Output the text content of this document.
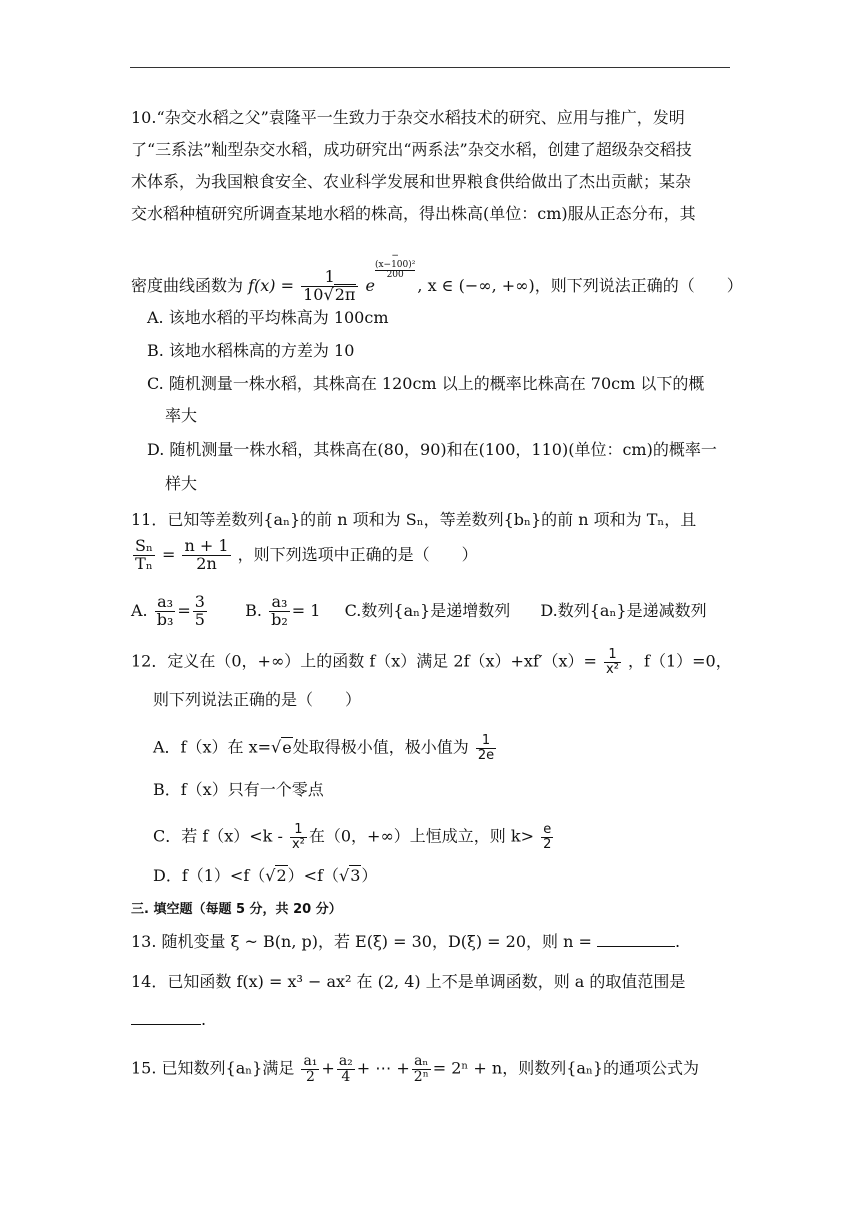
10.“杂交水稻之父”袁隆平一生致力于杂交水稻技术的研究、应用与推广，发明
了“三系法”籼型杂交水稻，成功研究出“两系法”杂交水稻，创建了超级杂交稻技
术体系，为我国粮食安全、农业科学发展和世界粮食供给做出了杰出贡献；某杂
交水稻种植研究所调查某地水稻的株高，得出株高(单位：cm)服从正态分布，其
密度曲线函数为 $f(x) = \frac{1}{10√2\pi}$ e
−
(x−100)²
200
, x ∈ (−∞, +∞)，则下列说法正确的（　　）
A. 该地水稻的平均株高为 100cm
B. 该地水稻株高的方差为 10
C. 随机测量一株水稻，其株高在 120cm 以上的概率比株高在 70cm 以下的概
率大
D. 随机测量一株水稻，其株高在(80，90)和在(100，110)(单位：cm)的概率一
样大
11．已知等差数列{aₙ}的前 n 项和为 Sₙ，等差数列{bₙ}的前 n 项和为 Tₙ，且
$\frac{\text{Sₙ}}{\text{Tₙ}} = \frac{n + 1}{2n}$ ，则下列选项中正确的是（　　）
A. $\frac{\text{a₃}}{\text{b₃}} = \frac{3}{5} B$. $\frac{\text{a₃}}{\text{b₂}} = 1$ C.数列{aₙ}是递增数列 D.数列{aₙ}是递减数列
12．定义在（0，+∞）上的函数 f（x）满足 $2f(x)+xf'(x)= \frac{1}{\text{x²}}$ ，f（1）=0，
则下列说法正确的是（　　）
A．f（x）在 x=√e处取得极小值，极小值为 $\frac{1}{2e}$
B．f（x）只有一个零点
C．若 $f(x)<k - \frac{1}{\text{x²}}$ 在（0，+∞）上恒成立，则 $k> \frac{e}{2}$
D．f（1）<f（√2）<f（√3）
三. 填空题（每题 5 分，共 20 分）
13. 随机变量 ξ ~ B(n, p)，若 E(ξ) = 30，D(ξ) = 20，则 n =	.
14．已知函数 f(x) = x³ − ax² 在 (2, 4) 上不是单调函数，则 a 的取值范围是
.
15. 已知数列{aₙ}满足 $\frac{\text{a₁}}{2} + \frac{\text{a₂}}{4}$ + ⋯ + $\frac{\text{aₙ}}{\text{2ⁿ}} = 2^n + n$，则数列{aₙ}的通项公式为
